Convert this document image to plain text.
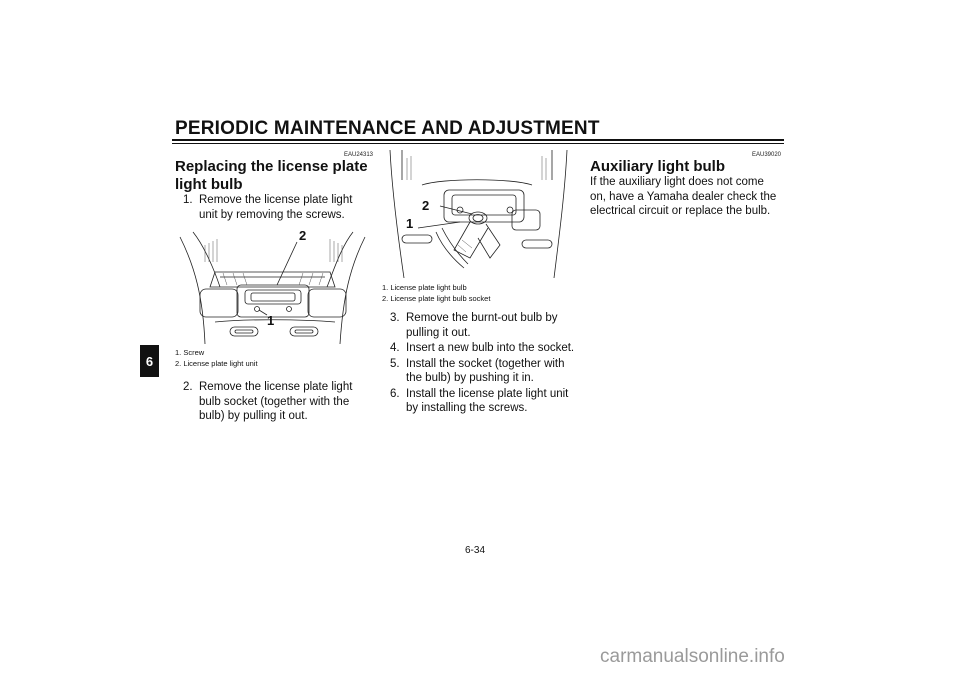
PERIODIC MAINTENANCE AND ADJUSTMENT
6
EAU24313
Replacing the license plate
light bulb
1. Remove the license plate light unit by removing the screws.
2
1
1. Screw
2. License plate light unit
2. Remove the license plate light bulb socket (together with the bulb) by pulling it out.
2
1
1. License plate light bulb
2. License plate light bulb socket
3. Remove the burnt-out bulb by pulling it out.
4. Insert a new bulb into the socket.
5. Install the socket (together with the bulb) by pushing it in.
6. Install the license plate light unit by installing the screws.
EAU39020
Auxiliary light bulb
If the auxiliary light does not come on, have a Yamaha dealer check the electrical circuit or replace the bulb.
6-34
carmanualsonline.info
